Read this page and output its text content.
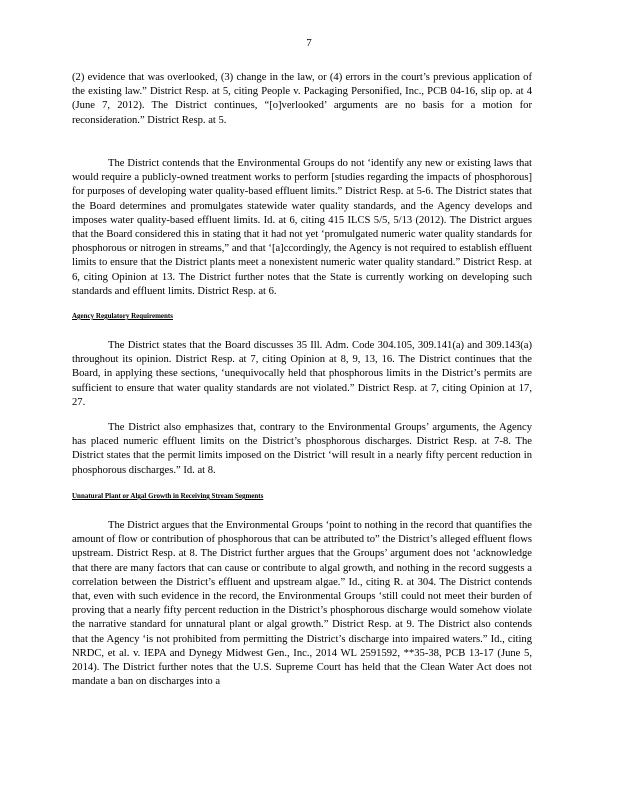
7

(2) evidence that was overlooked, (3) change in the law, or (4) errors in the court’s previous application of the existing law.” District Resp. at 5, citing People v. Packaging Personified, Inc., PCB 04-16, slip op. at 4 (June 7, 2012). The District continues, “[o]verlooked’ arguments are no basis for a motion for reconsideration.” District Resp. at 5.

The District contends that the Environmental Groups do not ‘identify any new or existing laws that would require a publicly-owned treatment works to perform [studies regarding the impacts of phosphorous] for purposes of developing water quality-based effluent limits.” District Resp. at 5-6. The District states that the Board determines and promulgates statewide water quality standards, and the Agency develops and imposes water quality-based effluent limits. Id. at 6, citing 415 ILCS 5/5, 5/13 (2012). The District argues that the Board considered this in stating that it had not yet ‘promulgated numeric water quality standards for phosphorous or nitrogen in streams,” and that ‘[a]ccordingly, the Agency is not required to establish effluent limits to ensure that the District plants meet a nonexistent numeric water quality standard.” District Resp. at 6, citing Opinion at 13. The District further notes that the State is currently working on developing such standards and effluent limits. District Resp. at 6.

Agency Regulatory Requirements

The District states that the Board discusses 35 Ill. Adm. Code 304.105, 309.141(a) and 309.143(a) throughout its opinion. District Resp. at 7, citing Opinion at 8, 9, 13, 16. The District continues that the Board, in applying these sections, ‘unequivocally held that phosphorous limits in the District’s permits are sufficient to ensure that water quality standards are not violated.” District Resp. at 7, citing Opinion at 17, 27.

The District also emphasizes that, contrary to the Environmental Groups’ arguments, the Agency has placed numeric effluent limits on the District’s phosphorous discharges. District Resp. at 7-8. The District states that the permit limits imposed on the District ‘will result in a nearly fifty percent reduction in phosphorous discharges.” Id. at 8.

Unnatural Plant or Algal Growth in Receiving Stream Segments

The District argues that the Environmental Groups ‘point to nothing in the record that quantifies the amount of flow or contribution of phosphorous that can be attributed to” the District’s alleged effluent flows upstream. District Resp. at 8. The District further argues that the Groups’ argument does not ‘acknowledge that there are many factors that can cause or contribute to algal growth, and nothing in the record suggests a correlation between the District’s effluent and upstream algae.” Id., citing R. at 304. The District contends that, even with such evidence in the record, the Environmental Groups ‘still could not meet their burden of proving that a nearly fifty percent reduction in the District’s phosphorous discharge would somehow violate the narrative standard for unnatural plant or algal growth.” District Resp. at 9. The District also contends that the Agency ‘is not prohibited from permitting the District’s discharge into impaired waters.” Id., citing NRDC, et al. v. IEPA and Dynegy Midwest Gen., Inc., 2014 WL 2591592, **35-38, PCB 13-17 (June 5, 2014). The District further notes that the U.S. Supreme Court has held that the Clean Water Act does not mandate a ban on discharges into a
